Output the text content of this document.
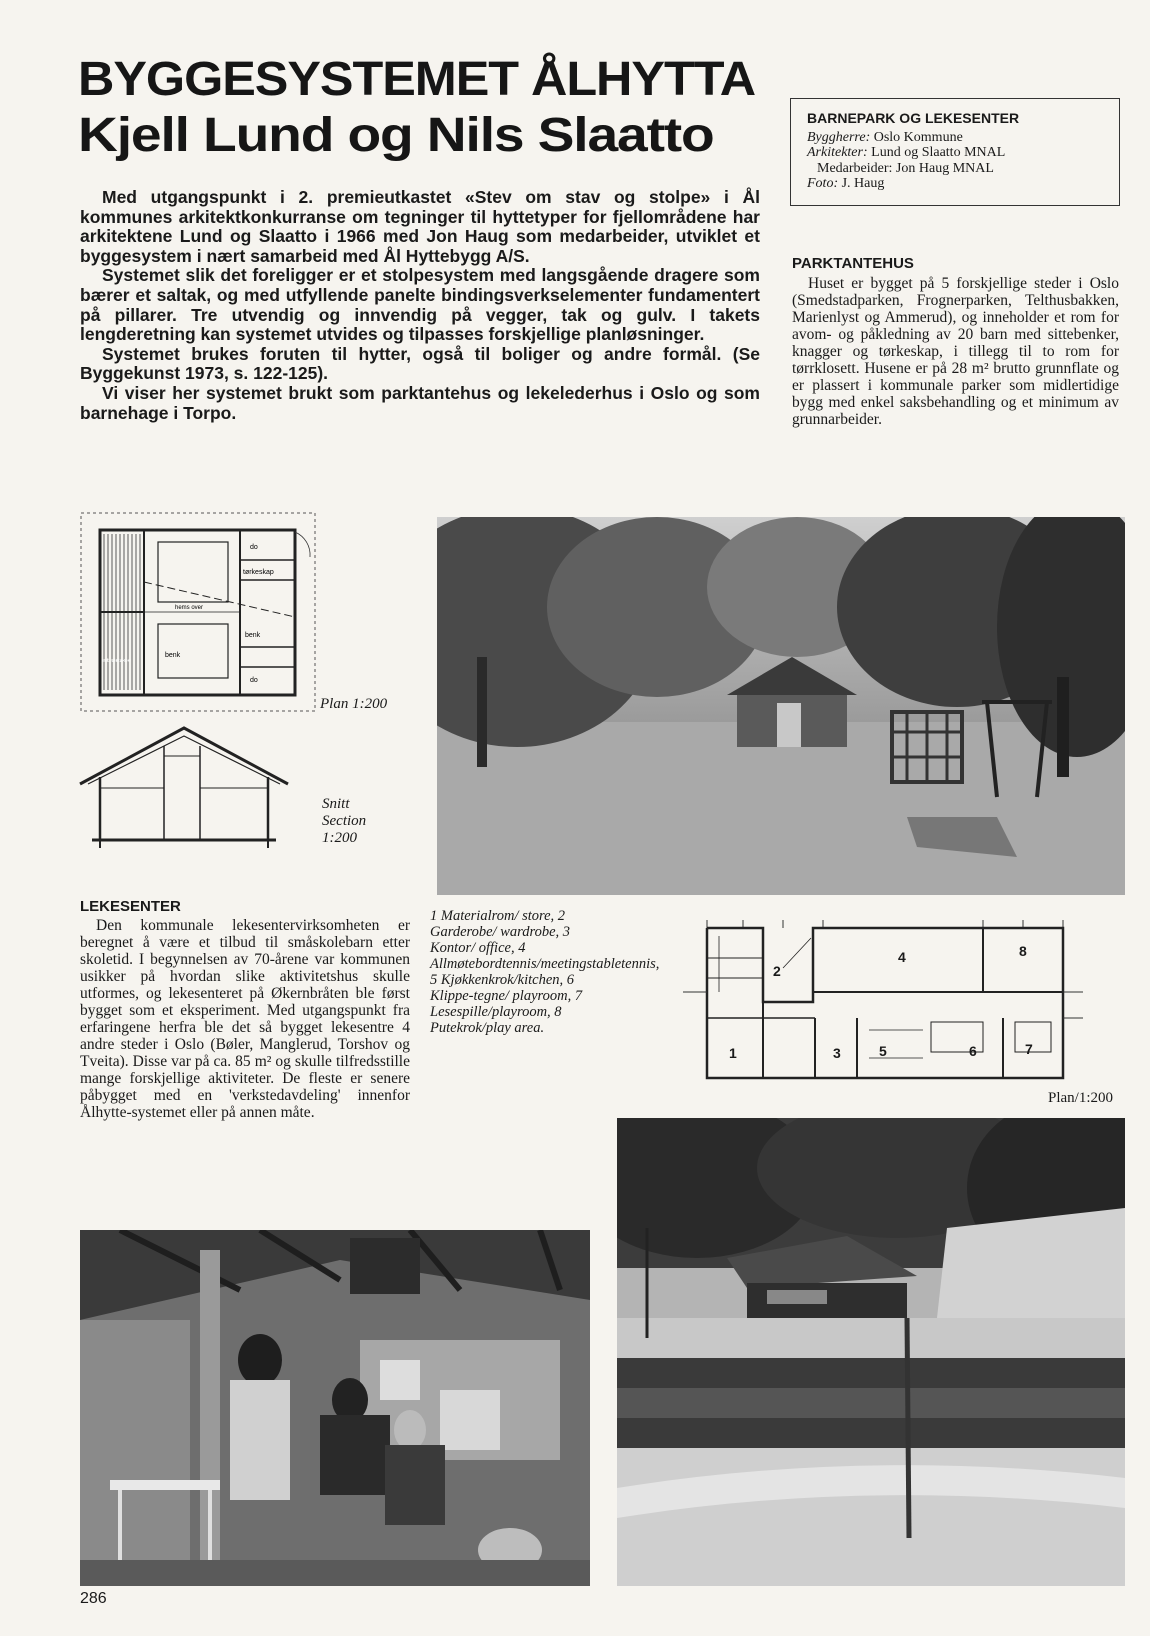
BYGGESYSTEMET ÅLHYTTA
Kjell Lund og Nils Slaatto

Med utgangspunkt i 2. premieutkastet «Stev om stav og stolpe» i Ål kommunes arkitektkonkurranse om tegninger til hyttetyper for fjellområdene har arkitektene Lund og Slaatto i 1966 med Jon Haug som medarbeider, utviklet et byggesystem i nært samarbeid med Ål Hyttebygg A/S.

Systemet slik det foreligger er et stolpesystem med langsgående dragere som bærer et saltak, og med utfyllende panelte bindingsverkselementer fundamentert på pillarer. Tre utvendig og innvendig på vegger, tak og gulv. I takets lengderetning kan systemet utvides og tilpasses forskjellige planløsninger.

Systemet brukes foruten til hytter, også til boliger og andre formål. (Se Byggekunst 1973, s. 122-125).

Vi viser her systemet brukt som parktantehus og lekelederhus i Oslo og som barnehage i Torpo.

BARNEPARK OG LEKESENTER
Byggherre: Oslo Kommune
Arkitekter: Lund og Slaatto MNAL
Medarbeider: Jon Haug MNAL
Foto: J. Haug
PARKTANTEHUS

Huset er bygget på 5 forskjellige steder i Oslo (Smedstadparken, Frognerparken, Telthusbakken, Marienlyst og Ammerud), og inneholder et rom for avom- og påkledning av 20 barn med sittebenker, knagger og tørkeskap, i tillegg til to rom for tørrklosett. Husene er på 28 m² brutto grunnflate og er plassert i kommunale parker som midlertidige bygg med enkel saksbehandling og et minimum av grunnarbeider.

do
tørkeskap
hems over
benk
benk
do
evt. utetakoe
Plan 1:200
Snitt
Section
1:200
LEKESENTER

Den kommunale lekesentervirksomheten er beregnet å være et tilbud til småskolebarn etter skoletid. I begynnelsen av 70-årene var kommunen usikker på hvordan slike aktivitetshus skulle utformes, og lekesenteret på Økernbråten ble først bygget som et eksperiment. Med utgangspunkt fra erfaringene herfra ble det så bygget lekesentre 4 andre steder i Oslo (Bøler, Manglerud, Torshov og Tveita). Disse var på ca. 85 m² og skulle tilfredsstille mange forskjellige aktiviteter. De fleste er senere påbygget med en 'verkstedavdeling' innenfor Ålhytte-systemet eller på annen måte.

1 Materialrom/ store, 2 Garderobe/ wardrobe, 3 Kontor/ office, 4 Allmøtebordtennis/meetingstabletennis, 5 Kjøkkenkrok/kitchen, 6 Klippe-tegne/ playroom, 7 Lesespille/playroom, 8 Putekrok/play area.

1
2
3
4
5	6	7
8
Plan/1:200
286
